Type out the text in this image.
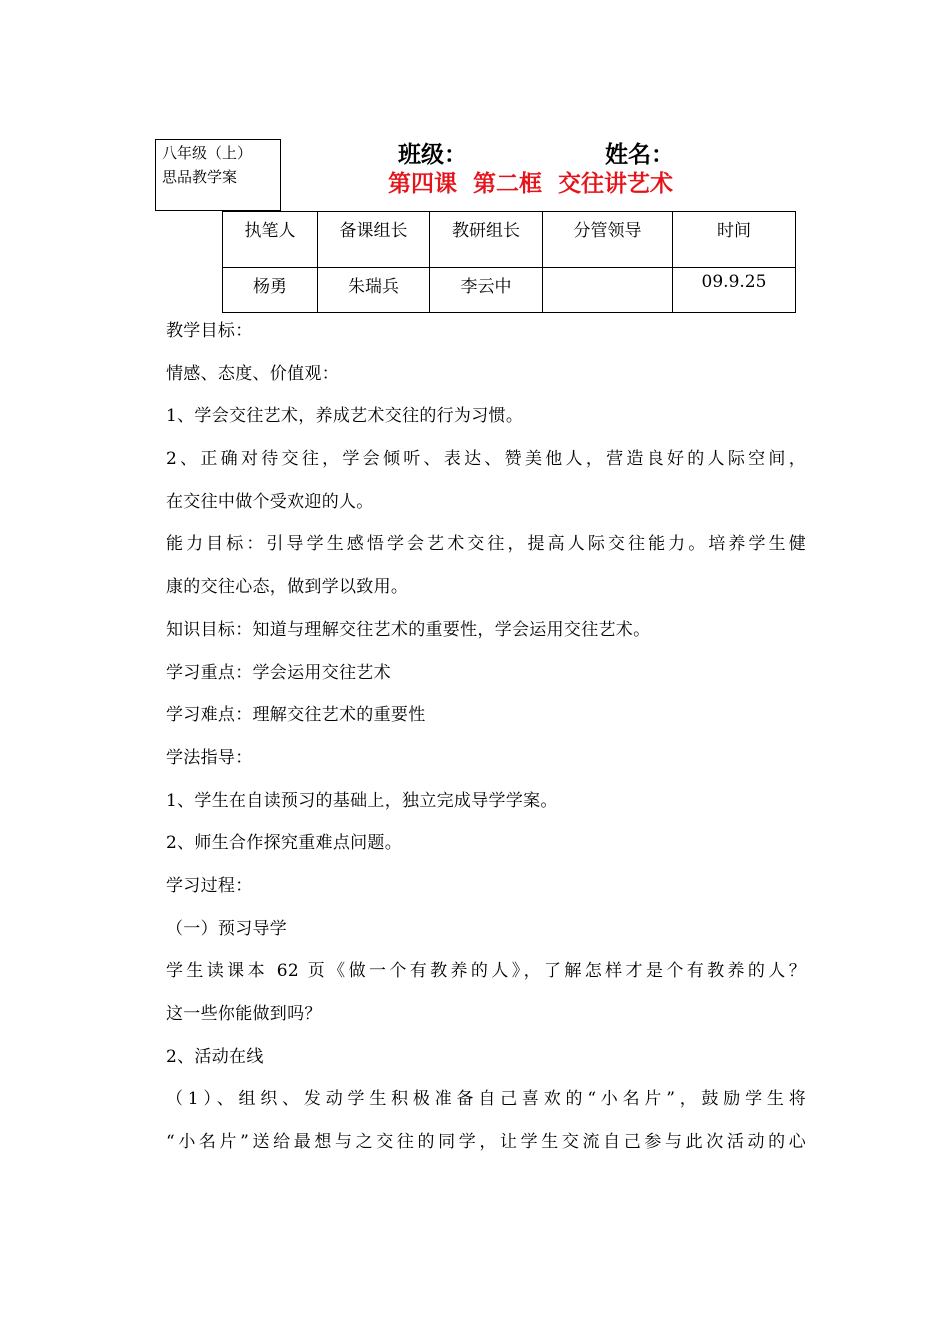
八年级（上）
思品教学案
班级：	姓名：
第四课  第二框  交往讲艺术
执笔人	备课组长	教研组长	分管领导	时间
杨勇	朱瑞兵	李云中		09.9.25
教学目标：
情感、态度、价值观：
1、学会交往艺术，养成艺术交往的行为习惯。
2、正确对待交往，学会倾听、表达、赞美他人，营造良好的人际空间，
在交往中做个受欢迎的人。
能力目标：引导学生感悟学会艺术交往，提高人际交往能力。培养学生健
康的交往心态，做到学以致用。
知识目标：知道与理解交往艺术的重要性，学会运用交往艺术。
学习重点：学会运用交往艺术
学习难点：理解交往艺术的重要性
学法指导：
1、学生在自读预习的基础上，独立完成导学学案。
2、师生合作探究重难点问题。
学习过程：
（一）预习导学
学生读课本 62 页《做一个有教养的人》，了解怎样才是个有教养的人？
这一些你能做到吗？
2、活动在线
（1）、组织、发动学生积极准备自己喜欢的“小名片”，鼓励学生将
“小名片”送给最想与之交往的同学，让学生交流自己参与此次活动的心
